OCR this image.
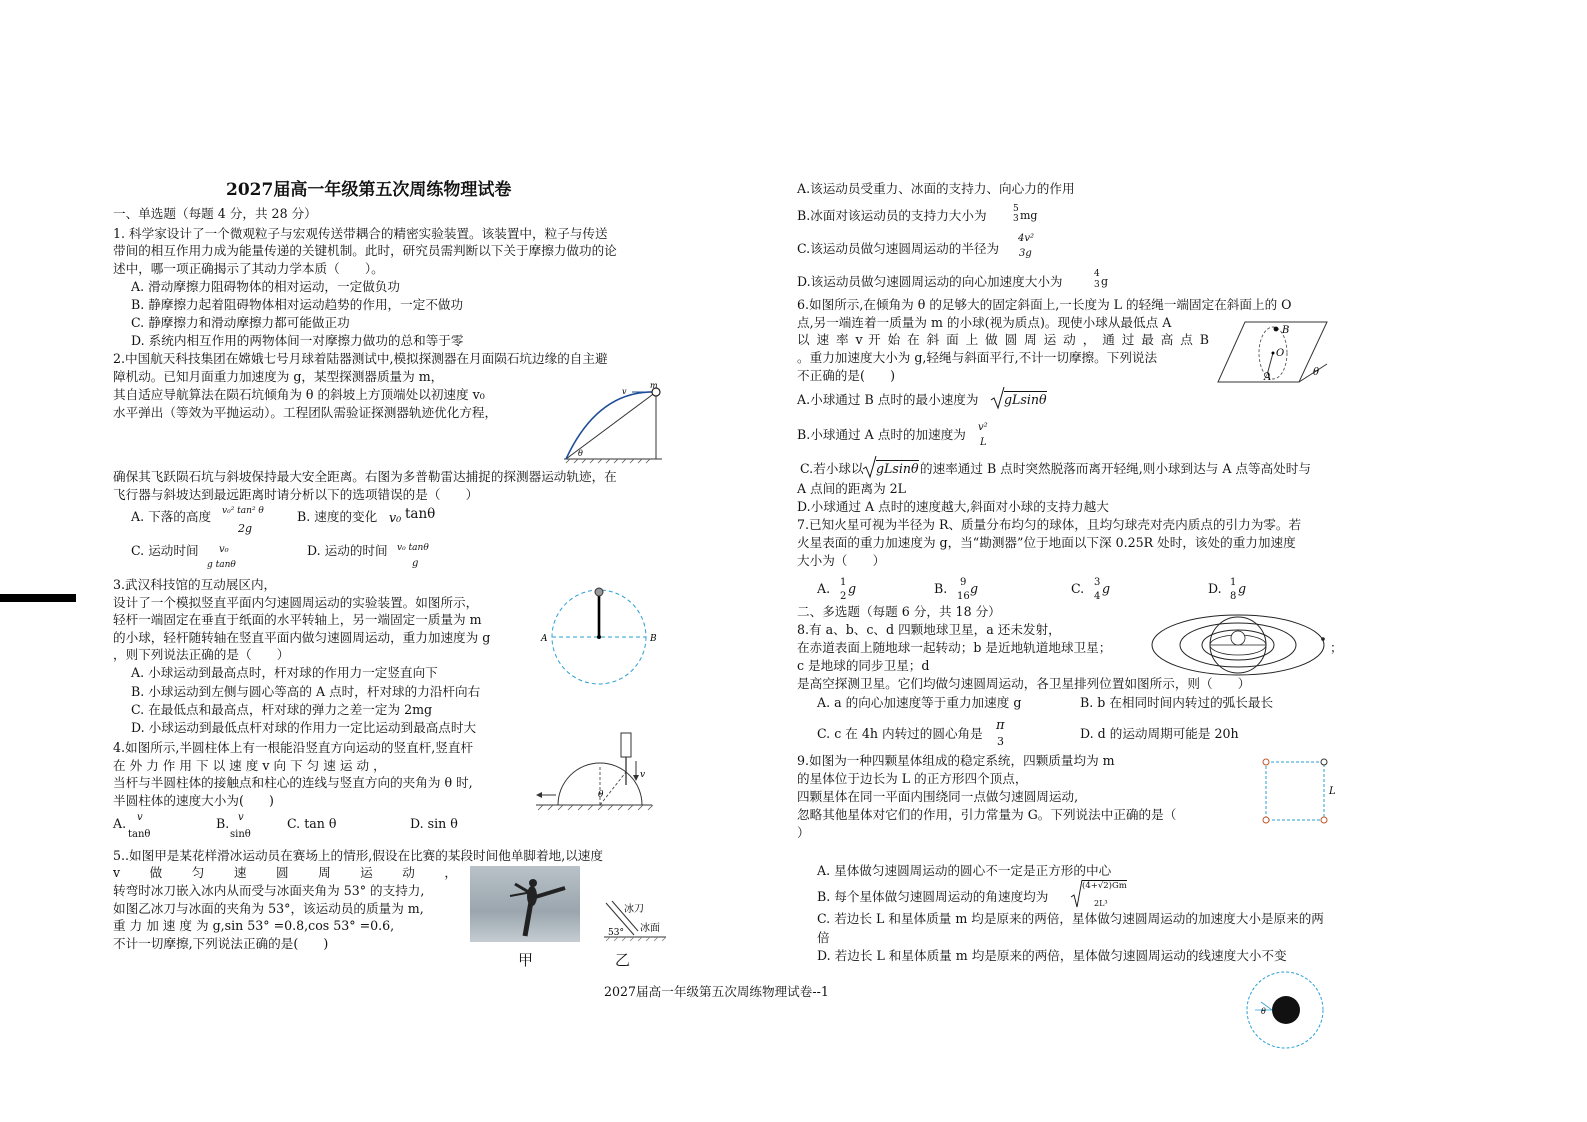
2027届高一年级第五次周练物理试卷
一、单选题（每题 4 分，共 28 分）
1. 科学家设计了一个微观粒子与宏观传送带耦合的精密实验装置。该装置中，粒子与传送
带间的相互作用力成为能量传递的关键机制。此时，研究员需判断以下关于摩擦力做功的论
述中，哪一项正确揭示了其动力学本质（　　）。
A. 滑动摩擦力阻碍物体的相对运动，一定做负功
B. 静摩擦力起着阻碍物体相对运动趋势的作用，一定不做功
C. 静摩擦力和滑动摩擦力都可能做正功
D. 系统内相互作用的两物体间一对摩擦力做功的总和等于零
2.中国航天科技集团在嫦娥七号月球着陆器测试中,模拟探测器在月面陨石坑边缘的自主避
障机动。已知月面重力加速度为 g，某型探测器质量为 m，
其自适应导航算法在陨石坑倾角为 θ 的斜坡上方顶端处以初速度 v₀
水平弹出（等效为平抛运动）。工程团队需验证探测器轨迹优化方程，
v
m
θ
确保其飞跃陨石坑与斜坡保持最大安全距离。右图为多普勒雷达捕捉的探测器运动轨迹，在
飞行器与斜坡达到最远距离时请分析以下的选项错误的是（　　）
A. 下落的高度 v₀² tan² θ
2g
B. 速度的变化 v₀ tanθ
C. 运动时间 v₀
g tanθ
D. 运动的时间 v₀ tanθ
g
3.武汉科技馆的互动展区内，
设计了一个模拟竖直平面内匀速圆周运动的实验装置。如图所示，
轻杆一端固定在垂直于纸面的水平转轴上，另一端固定一质量为 m
的小球，轻杆随转轴在竖直平面内做匀速圆周运动，重力加速度为 g
，则下列说法正确的是（　　）
A. 小球运动到最高点时，杆对球的作用力一定竖直向下
B. 小球运动到左侧与圆心等高的 A 点时，杆对球的力沿杆向右
C. 在最低点和最高点，杆对球的弹力之差一定为 2mg
D. 小球运动到最低点杆对球的作用力一定比运动到最高点时大
A	B
4.如图所示,半圆柱体上有一根能沿竖直方向运动的竖直杆,竖直杆
在 外 力 作 用 下 以 速 度 v 向 下 匀 速 运 动 ，
当杆与半圆柱体的接触点和柱心的连线与竖直方向的夹角为 θ 时,
半圆柱体的速度大小为(　　)
A. v
tanθ
B. v
sinθ
C. tan θ	D. sin θ
v
θ
5..如图甲是某花样滑冰运动员在赛场上的情形,假设在比赛的某段时间他单脚着地,以速度
v　　做　　匀　　速　　圆　　周　　运　　动　　，
转弯时冰刀嵌入冰内从而受与冰面夹角为 53° 的支持力,
如图乙冰刀与冰面的夹角为 53°，该运动员的质量为 m,
重 力 加 速 度 为 g,sin 53° =0.8,cos 53° =0.6,
不计一切摩擦,下列说法正确的是(　　)
53°
冰刀
冰面
甲	乙
2027届高一年级第五次周练物理试卷--1
A.该运动员受重力、冰面的支持力、向心力的作用
B.冰面对该运动员的支持力大小为	5
3 mg
C.该运动员做匀速圆周运动的半径为
4v²
3g
D.该运动员做匀速圆周运动的向心加速度大小为	4
3 g
6.如图所示,在倾角为 θ 的足够大的固定斜面上,一长度为 L 的轻绳一端固定在斜面上的 O
点,另一端连着一质量为 m 的小球(视为质点)。现使小球从最低点 A
以 速 率 v 开 始 在 斜 面 上 做 圆 周 运 动 ， 通 过 最 高 点 B
。重力加速度大小为 g,轻绳与斜面平行,不计一切摩擦。下列说法
不正确的是(　　)
B
O
A	θ
A.小球通过 B 点时的最小速度为 gLsinθ
B.小球通过 A 点时的加速度为 v²
L
C.若小球以 gLsinθ 的速率通过 B 点时突然脱落而离开轻绳,则小球到达与 A 点等高处时与
A 点间的距离为 2L
D.小球通过 A 点时的速度越大,斜面对小球的支持力越大
7.已知火星可视为半径为 R、质量分布均匀的球体，且均匀球壳对壳内质点的引力为零。若
火星表面的重力加速度为 g，当“勘测器”位于地面以下深 0.25R 处时，该处的重力加速度
大小为（　　）
A. 1
2
g	B. 9
16
g	C. 3
4
g	D. 1
8
g
二、多选题（每题 6 分，共 18 分）
8.有 a、b、c、d 四颗地球卫星，a 还未发射，
在赤道表面上随地球一起转动；b 是近地轨道地球卫星；
c 是地球的同步卫星；d
是高空探测卫星。它们均做匀速圆周运动，各卫星排列位置如图所示，则（　　）
；
A. a 的向心加速度等于重力加速度 g	B. b 在相同时间内转过的弧长最长
C. c 在 4h 内转过的圆心角是
π
3
D. d 的运动周期可能是 20h
9.如图为一种四颗星体组成的稳定系统，四颗质量均为 m
的星体位于边长为 L 的正方形四个顶点，
四颗星体在同一平面内围绕同一点做匀速圆周运动,
忽略其他星体对它们的作用，引力常量为 G。下列说法中正确的是（
）
L
A. 星体做匀速圆周运动的圆心不一定是正方形的中心
B. 每个星体做匀速圆周运动的角速度均为
(4+√2)Gm
2L³
C. 若边长 L 和星体质量 m 均是原来的两倍，星体做匀速圆周运动的加速度大小是原来的两
倍
D. 若边长 L 和星体质量 m 均是原来的两倍，星体做匀速圆周运动的线速度大小不变
θ
